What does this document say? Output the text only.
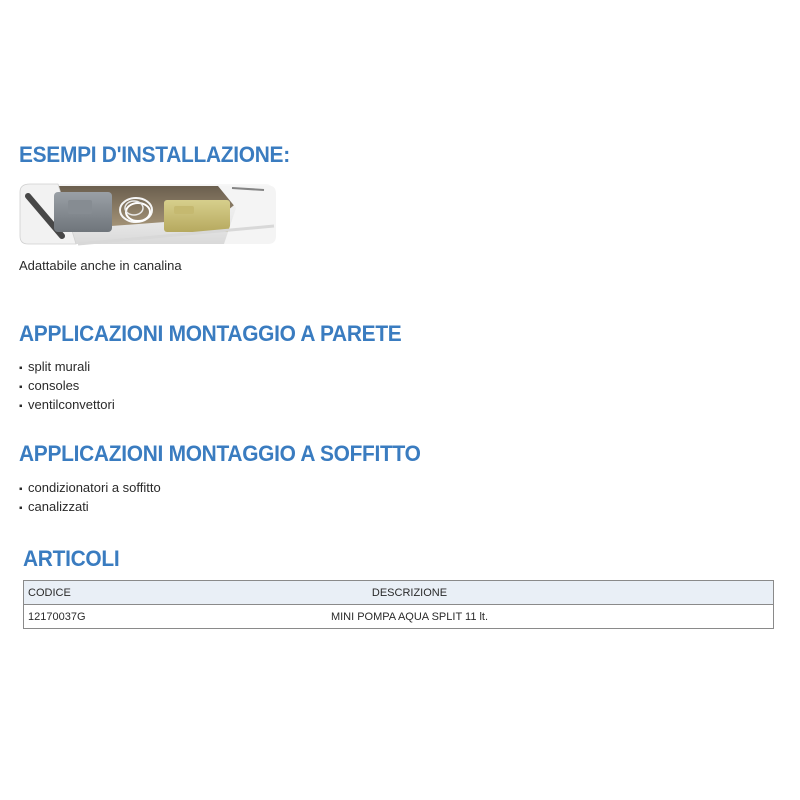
ESEMPI D'INSTALLAZIONE:
Adattabile anche in canalina
APPLICAZIONI MONTAGGIO A PARETE
▪ split murali
▪ consoles
▪ ventilconvettori
APPLICAZIONI MONTAGGIO A SOFFITTO
▪ condizionatori a soffitto
▪ canalizzati
ARTICOLI
CODICE	DESCRIZIONE
12170037G	MINI POMPA AQUA SPLIT 11 lt.
